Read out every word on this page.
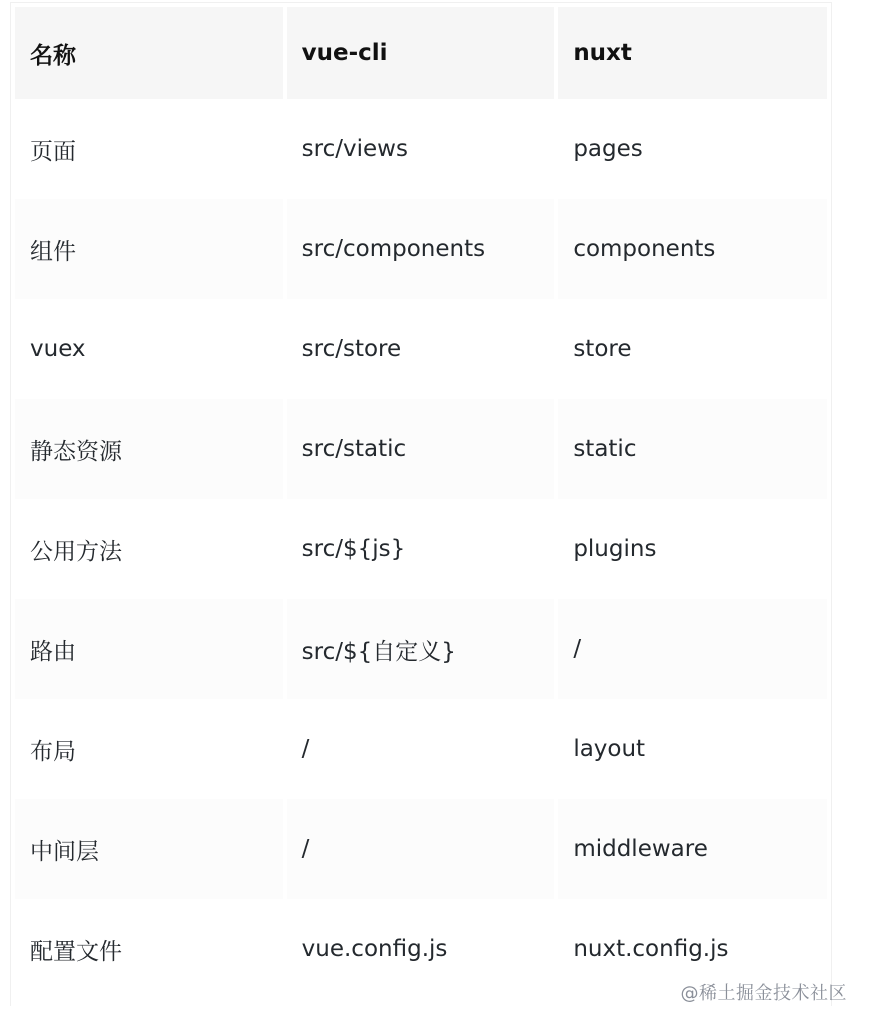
名称	vue-cli	nuxt
页面	src/views	pages
组件	src/components	components
vuex	src/store	store
静态资源	src/static	static
公用方法	src/${js}	plugins
路由	src/${自定义}	/
布局	/	layout
中间层	/	middleware
配置文件	vue.config.js	nuxt.config.js
@稀土掘金技术社区
